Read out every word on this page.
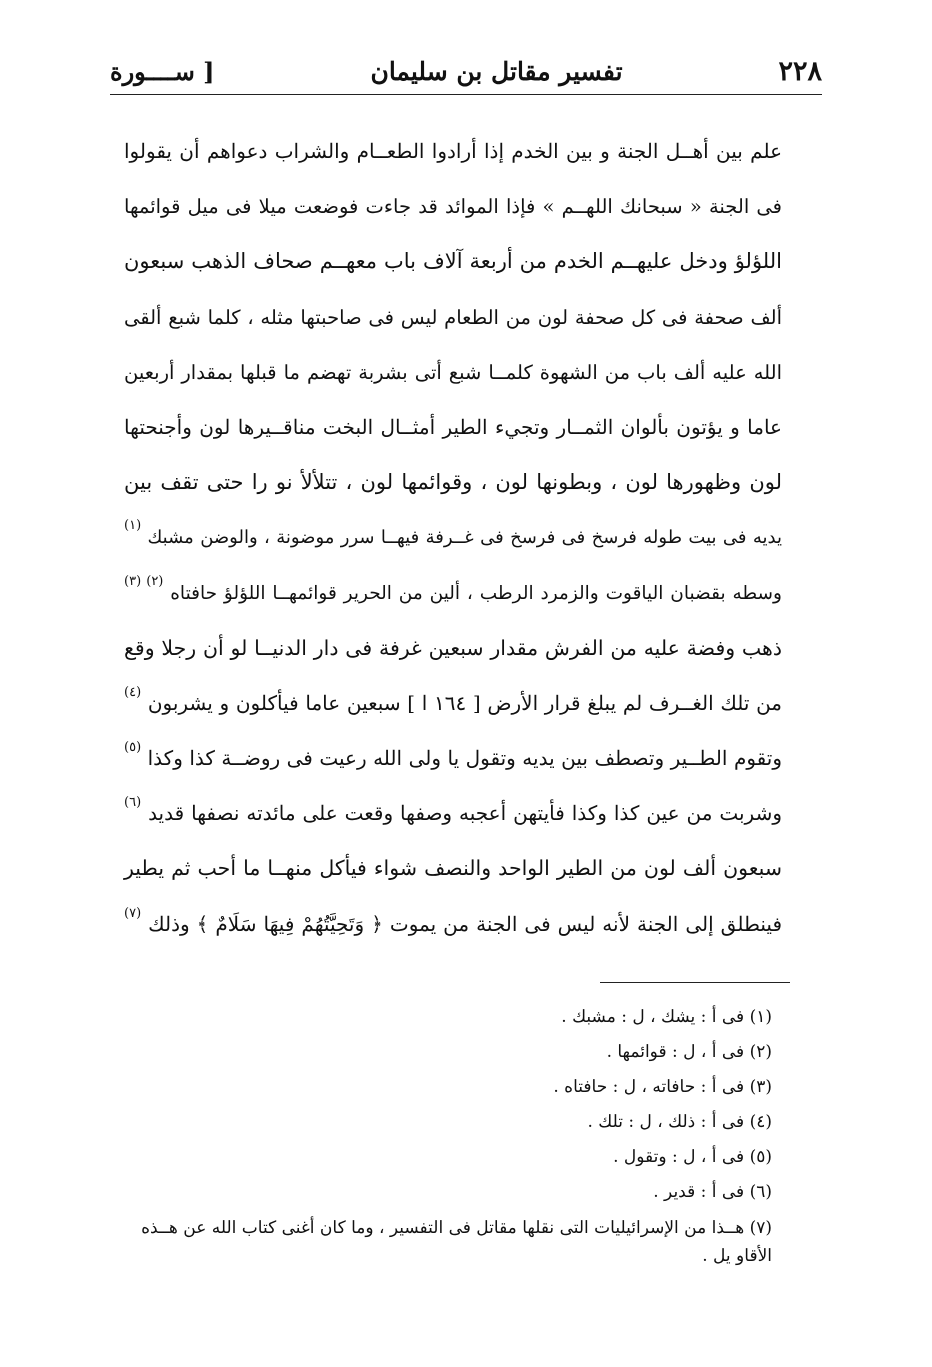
٢٢٨
تفسير مقاتل بن سليمان
[ ســــورة
علم بين أهــل الجنة و بين الخدم إذا أرادوا الطعــام والشراب دعواهم أن يقولوا
فى الجنة « سبحانك اللهــم » فإذا الموائد قد جاءت فوضعت ميلا فى ميل قوائمها
اللؤلؤ ودخل عليهــم الخدم من أربعة آلاف باب معهــم صحاف الذهب سبعون
ألف صحفة فى كل صحفة لون من الطعام ليس فى صاحبتها مثله ، كلما شبع ألقى
الله عليه ألف باب من الشهوة كلمــا شبع أتى بشربة تهضم ما قبلها بمقدار أربعين
عاما و يؤتون بألوان الثمــار وتجيء الطير أمثــال البخت مناقــيرها لون وأجنحتها
لون وظهورها لون ، وبطونها لون ، وقوائمها لون ، تتلألأ نو را حتى تقف بين
يديه فى بيت طوله فرسخ فى فرسخ فى غــرفة فيهــا سرر موضونة ، والوضن مشبك $^{(١)}$
وسطه بقضبان الياقوت والزمرد الرطب ، ألين من الحرير قوائمهــا اللؤلؤ حافتاه $^{(٢) (٣)}$
ذهب وفضة عليه من الفرش مقدار سبعين غرفة فى دار الدنيــا لو أن رجلا وقع
من تلك الغــرف لم يبلغ قرار الأرض [ ١٦٤ ا ] سبعين عاما فيأكلون و يشربون $^{(٤)}$
وتقوم الطــير وتصطف بين يديه وتقول يا ولى الله رعيت فى روضــة كذا وكذا $^{(٥)}$
وشربت من عين كذا وكذا فأيتهن أعجبه وصفها وقعت على مائدته نصفها قديد $^{(٦)}$
سبعون ألف لون من الطير الواحد والنصف شواء فيأكل منهــا ما أحب ثم يطير
فينطلق إلى الجنة لأنه ليس فى الجنة من يموت ﴿ وَتَحِيَّتُهُمْ فِيهَا سَلَامٌ ﴾ وذلك $^{(٧)}$
(١) فى أ : يشك ، ل : مشبك .
(٢) فى أ ، ل : قوائمها .
(٣) فى أ : حافاته ، ل : حافتاه .
(٤) فى أ : ذلك ، ل : تلك .
(٥) فى أ ، ل : وتقول .
(٦) فى أ : قدير .
(٧) هــذا من الإسرائيليات التى نقلها مقاتل فى التفسير ، وما كان أغنى كتاب الله عن هــذه الأقاو يل .
